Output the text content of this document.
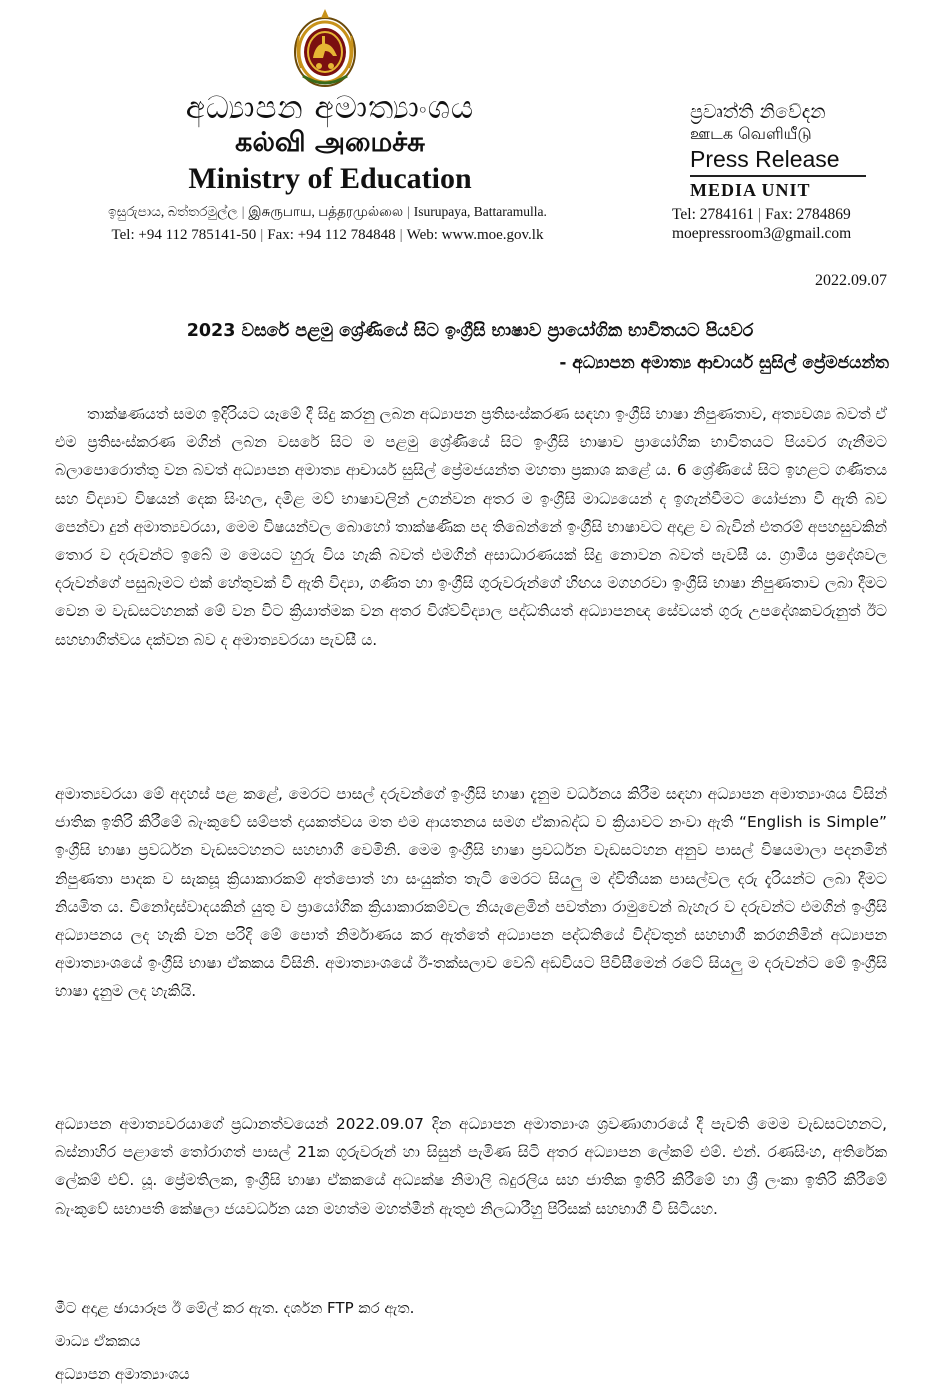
අධ්‍යාපන අමාත්‍යාංශය
கல்வி அமைச்சு
Ministry of Education
ඉසුරුපාය, බත්තරමුල්ල | இசுருபாய, பத்தரமுல்லை | Isurupaya, Battaramulla.
Tel: +94 112 785141-50 | Fax: +94 112 784848 | Web: www.moe.gov.lk
ප්‍රවෘත්ති නිවේදන
ஊடக வெளியீடு
Press Release
MEDIA UNIT
Tel: 2784161 | Fax: 2784869
moepressroom3@gmail.com
2022.09.07
2023 වසරේ පළමු ශ්‍රේණියේ සිට ඉංග්‍රීසි භාෂාව ප්‍රායෝගික භාවිතයට පියවර
- අධ්‍යාපන අමාත්‍ය ආචාර්ය සුසිල් ප්‍රේමජයන්ත

තාක්ෂණයත් සමග ඉදිරියට යෑමේ දී සිදු කරනු ලබන අධ්‍යාපන ප්‍රතිසංස්කරණ සඳහා ඉංග්‍රීසි භාෂා නිපුණතාව, අත්‍යවශ්‍ය බවත් ඒ එම ප්‍රතිසංස්කරණ මගින් ලබන වසරේ සිට ම පළමු ශ්‍රේණියේ සිට ඉංග්‍රීසි භාෂාව ප්‍රායෝගික භාවිතයට පියවර ගැනීමට බලාපොරොත්තු වන බවත් අධ්‍යාපන අමාත්‍ය ආචාර්ය සුසිල් ප්‍රේමජයන්ත මහතා ප්‍රකාශ කළේ ය. 6 ශ්‍රේණියේ සිට ඉහළට ගණිතය සහ විද්‍යාව විෂයන් දෙක සිංහල, දමිළ මව් භාෂාවලින් උගන්වන අතර ම ඉංග්‍රීසි මාධ්‍යයෙන් ද ඉගැන්වීමට යෝජනා වී ඇති බව පෙන්වා දුන් අමාත්‍යවරයා, මෙම විෂයන්වල බොහෝ තාක්ෂණික පද තිබෙන්නේ ඉංග්‍රීසි භාෂාවට අදාළ ව බැවින් එතරම් අපහසුවකින් තොර ව දරුවන්ට ඉබේ ම මෙයට හුරු විය හැකි බවත් එමගින් අසාධාරණයක් සිදු නොවන බවත් පැවසී ය. ග්‍රාමීය ප්‍රදේශවල දරුවන්ගේ පසුබෑමට එක් හේතුවක් වී ඇති විද්‍යා, ගණිත හා ඉංග්‍රීසි ගුරුවරුන්ගේ හිඟය මගහරවා ඉංග්‍රීසි භාෂා නිපුණතාව ලබා දීමට වෙන ම වැඩසටහනක් මේ වන විට ක්‍රියාත්මක වන අතර විශ්වවිද්‍යාල පද්ධතියත් අධ්‍යාපනඥ සේවයත් ගුරු උපදේශකවරුනුත් ඊට සහභාගිත්වය දක්වන බව ද අමාත්‍යවරයා පැවසී ය.

අමාත්‍යවරයා මේ අදහස් පළ කළේ, මෙරට පාසල් දරුවන්ගේ ඉංග්‍රීසි භාෂා දැනුම වර්ධනය කිරීම සඳහා අධ්‍යාපන අමාත්‍යාංශය විසින් ජාතික ඉතිරි කිරීමේ බැංකුවේ සම්පත් දායකත්වය මත එම ආයතනය සමග ඒකාබද්ධ ව ක්‍රියාවට නංවා ඇති “English is Simple” ඉංග්‍රීසි භාෂා ප්‍රවර්ධන වැඩසටහනට සහභාගී වෙමිනි. මෙම ඉංග්‍රීසි භාෂා ප්‍රවර්ධන වැඩසටහන අනුව පාසල් විෂයමාලා පදනමින් නිපුණතා පාදක ව සැකසූ ක්‍රියාකාරකම් අත්පොත් හා සංයුක්ත තැටි මෙරට සියලු ම ද්විතීයක පාසල්වල දරු දැරියන්ට ලබා දීමට නියමිත ය. විනෝදාස්වාදයකින් යුතු ව ප්‍රායෝගික ක්‍රියාකාරකම්වල නියැළෙමින් පවත්නා රාමුවෙන් බැහැර ව දරුවන්ට එමගින් ඉංග්‍රීසි අධ්‍යාපනය ලද හැකි වන පරිදි මේ පොත් නිර්මාණය කර ඇත්තේ අධ්‍යාපන පද්ධතියේ විද්වතුන් සහභාගී කරගනිමින් අධ්‍යාපන අමාත්‍යාංශයේ ඉංග්‍රීසි භාෂා ඒකකය විසිනි. අමාත්‍යාංශයේ ඊ-තක්සලාව වෙබ් අඩවියට පිවිසීමෙන් රටේ සියලු ම දරුවන්ට මේ ඉංග්‍රීසි භාෂා දැනුම ලද හැකියි.

අධ්‍යාපන අමාත්‍යවරයාගේ ප්‍රධානත්වයෙන් 2022.09.07 දින අධ්‍යාපන අමාත්‍යාංශ ශ්‍රවණාගාරයේ දී පැවති මෙම වැඩසටහනට, බස්නාහිර පළාතේ තෝරාගත් පාසල් 21ක ගුරුවරුන් හා සිසුන් පැමිණ සිටි අතර අධ්‍යාපන ලේකම් එම්. එන්. රණසිංහ, අතිරේක ලේකම් එච්. යූ. ප්‍රේමතිලක, ඉංග්‍රීසි භාෂා ඒකකයේ අධ්‍යක්ෂ නිමාලි බදුරලිය සහ ජාතික ඉතිරි කිරීමේ හා ශ්‍රී ලංකා ඉතිරි කිරීමේ බැංකුවේ සභාපති කේෂලා ජයවර්ධන යන මහත්ම මහත්මීන් ඇතුළු නිලධාරීහු පිරිසක් සහභාගී වී සිටියහ.

මීට අදාළ ඡායාරූප ඊ මේල් කර ඇත. දර්ශන FTP කර ඇත.
මාධ්‍ය ඒකකය
අධ්‍යාපන අමාත්‍යාංශය
